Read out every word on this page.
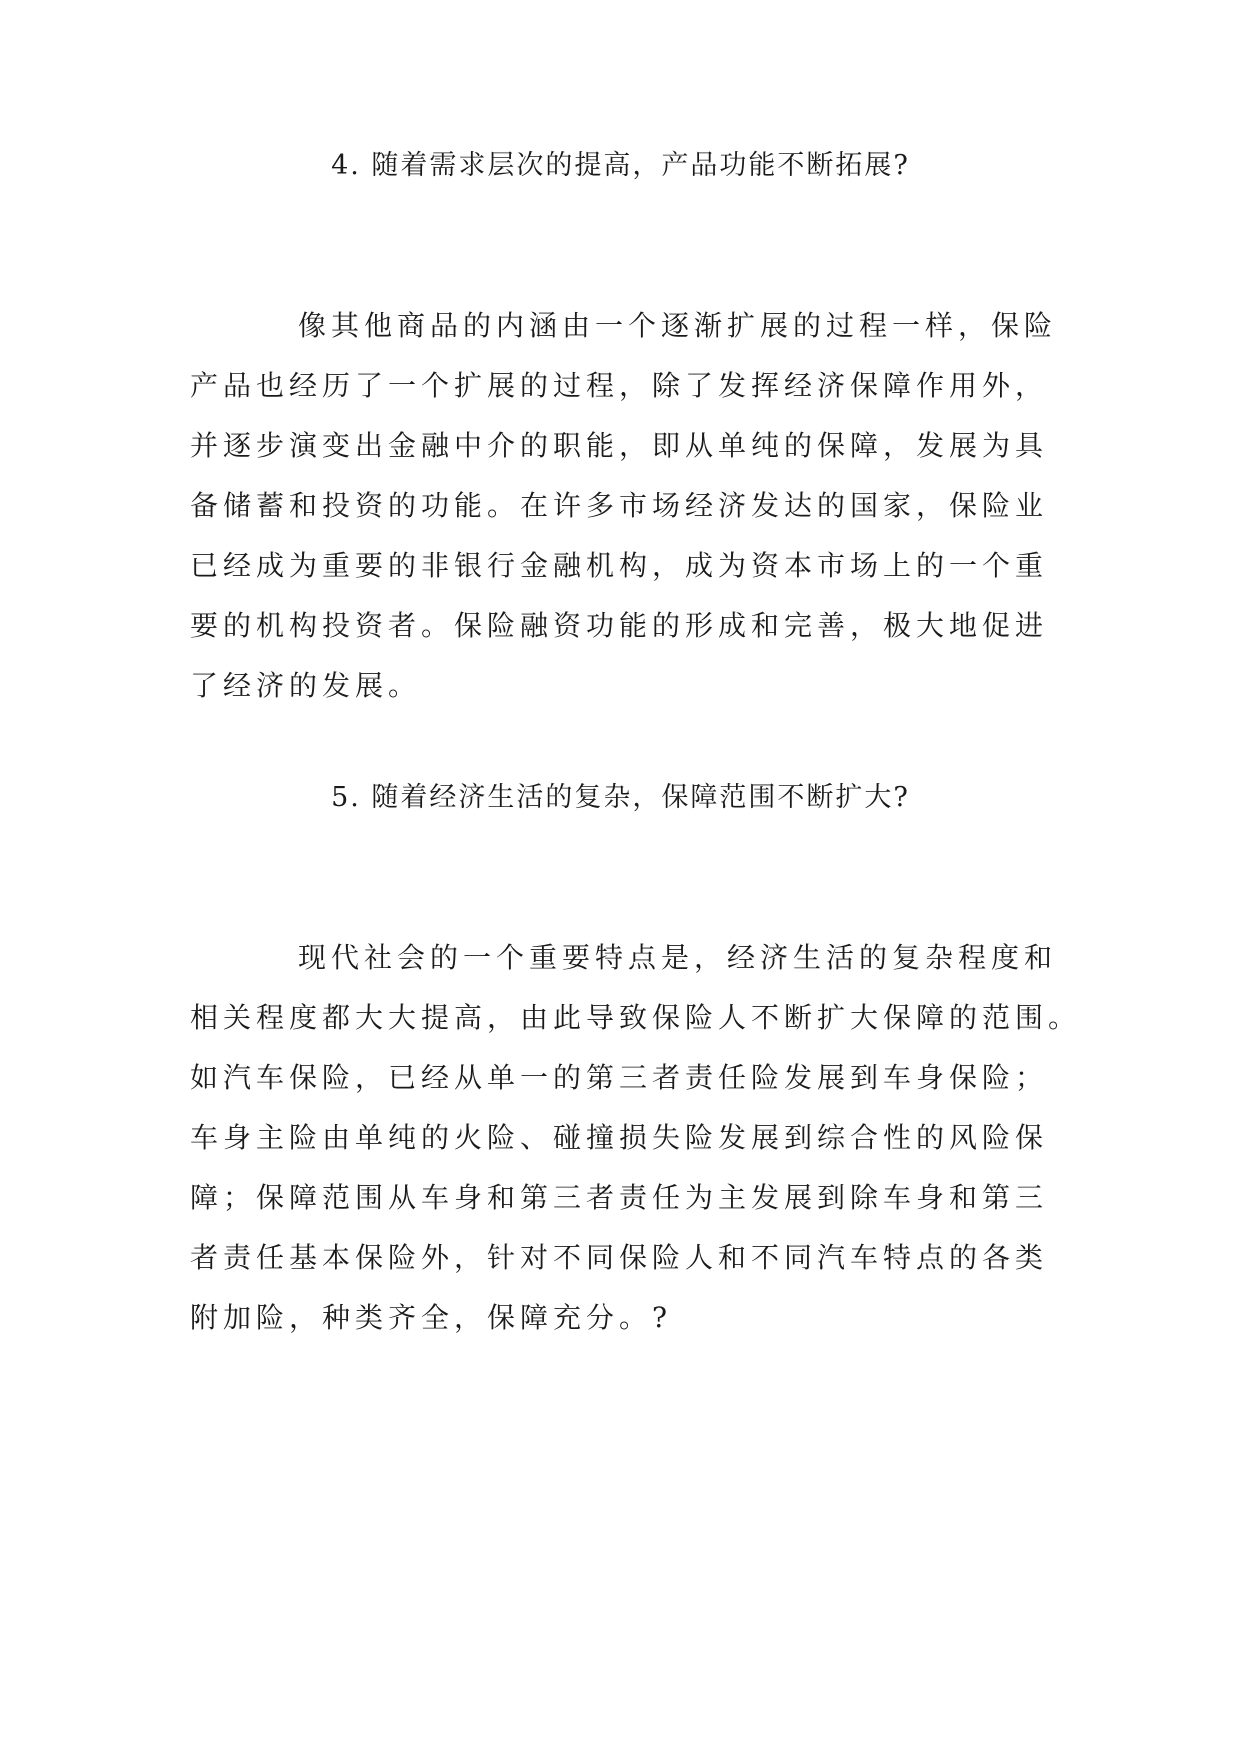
4. 随着需求层次的提高，产品功能不断拓展?
像其他商品的内涵由一个逐渐扩展的过程一样，保险
产品也经历了一个扩展的过程，除了发挥经济保障作用外，
并逐步演变出金融中介的职能，即从单纯的保障，发展为具
备储蓄和投资的功能。在许多市场经济发达的国家，保险业
已经成为重要的非银行金融机构，成为资本市场上的一个重
要的机构投资者。保险融资功能的形成和完善，极大地促进
了经济的发展。
5. 随着经济生活的复杂，保障范围不断扩大?
现代社会的一个重要特点是，经济生活的复杂程度和
相关程度都大大提高，由此导致保险人不断扩大保障的范围。
如汽车保险，已经从单一的第三者责任险发展到车身保险；
车身主险由单纯的火险、碰撞损失险发展到综合性的风险保
障；保障范围从车身和第三者责任为主发展到除车身和第三
者责任基本保险外，针对不同保险人和不同汽车特点的各类
附加险，种类齐全，保障充分。?
